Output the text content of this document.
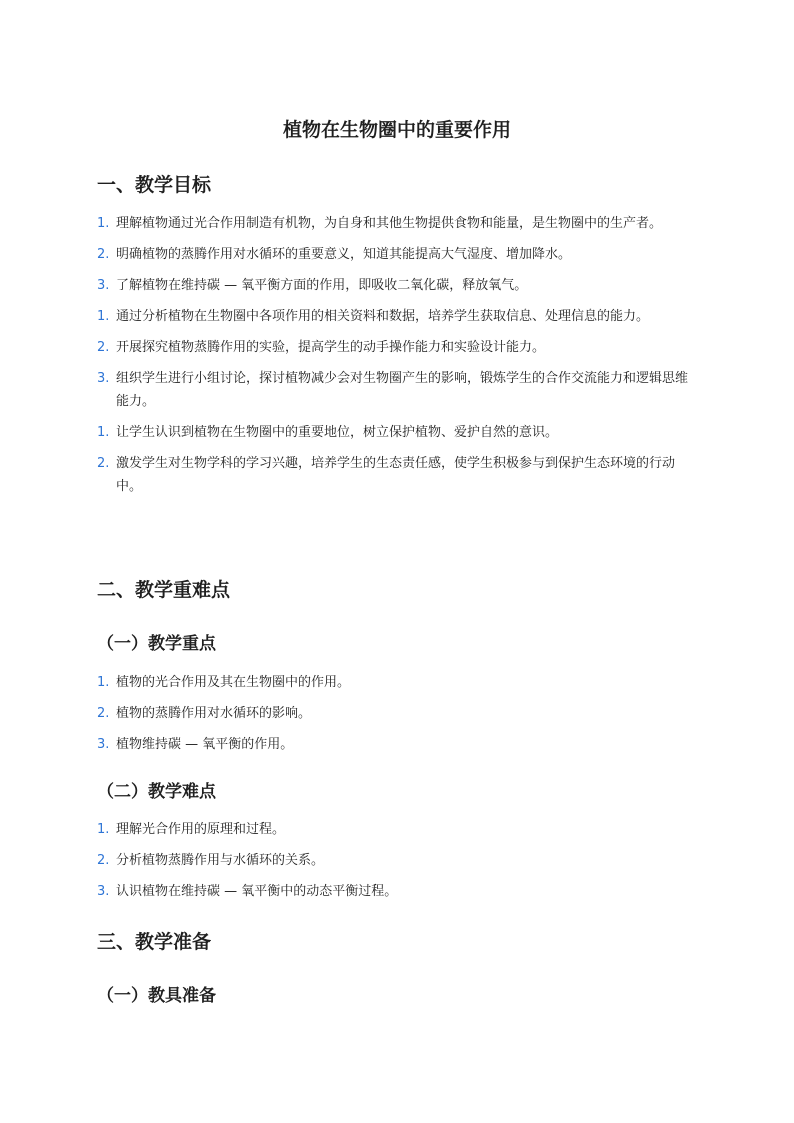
植物在生物圈中的重要作用
一、教学目标
1. 理解植物通过光合作用制造有机物，为自身和其他生物提供食物和能量，是生物圈中的生产者。
2. 明确植物的蒸腾作用对水循环的重要意义，知道其能提高大气湿度、增加降水。
3. 了解植物在维持碳 — 氧平衡方面的作用，即吸收二氧化碳，释放氧气。
1. 通过分析植物在生物圈中各项作用的相关资料和数据，培养学生获取信息、处理信息的能力。
2. 开展探究植物蒸腾作用的实验，提高学生的动手操作能力和实验设计能力。
3. 组织学生进行小组讨论，探讨植物减少会对生物圈产生的影响，锻炼学生的合作交流能力和逻辑思维能力。
1. 让学生认识到植物在生物圈中的重要地位，树立保护植物、爱护自然的意识。
2. 激发学生对生物学科的学习兴趣，培养学生的生态责任感，使学生积极参与到保护生态环境的行动中。
二、教学重难点
（一）教学重点
1. 植物的光合作用及其在生物圈中的作用。
2. 植物的蒸腾作用对水循环的影响。
3. 植物维持碳 — 氧平衡的作用。
（二）教学难点
1. 理解光合作用的原理和过程。
2. 分析植物蒸腾作用与水循环的关系。
3. 认识植物在维持碳 — 氧平衡中的动态平衡过程。
三、教学准备
（一）教具准备
